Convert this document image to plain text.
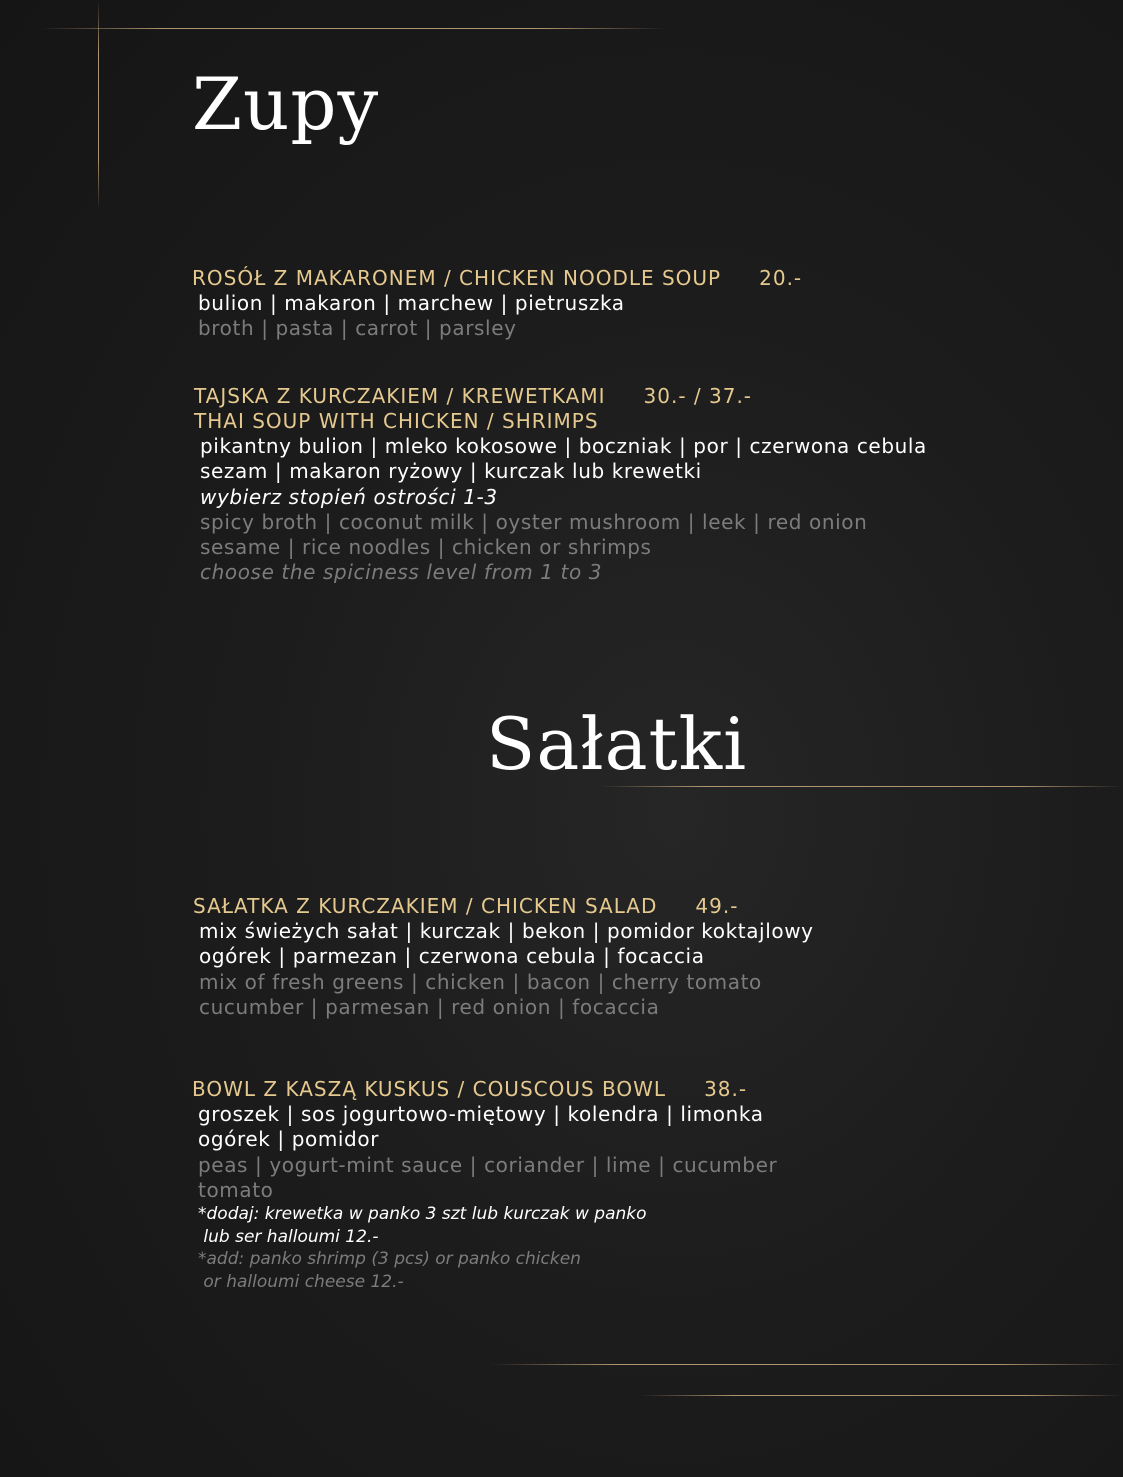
Zupy
ROSÓŁ Z MAKARONEM / CHICKEN NOODLE SOUP 20.-
bulion | makaron | marchew | pietruszka
broth | pasta | carrot | parsley
TAJSKA Z KURCZAKIEM / KREWETKAMI 30.- / 37.-
THAI SOUP WITH CHICKEN / SHRIMPS
pikantny bulion | mleko kokosowe | boczniak | por | czerwona cebula
sezam | makaron ryżowy | kurczak lub krewetki
wybierz stopień ostrości 1-3
spicy broth | coconut milk | oyster mushroom | leek | red onion
sesame | rice noodles | chicken or shrimps
choose the spiciness level from 1 to 3
Sałatki
SAŁATKA Z KURCZAKIEM / CHICKEN SALAD 49.-
mix świeżych sałat | kurczak | bekon | pomidor koktajlowy
ogórek | parmezan | czerwona cebula | focaccia
mix of fresh greens | chicken | bacon | cherry tomato
cucumber | parmesan | red onion | focaccia
BOWL Z KASZĄ KUSKUS / COUSCOUS BOWL 38.-
groszek | sos jogurtowo-miętowy | kolendra | limonka
ogórek | pomidor
peas | yogurt-mint sauce | coriander | lime | cucumber
tomato
*dodaj: krewetka w panko 3 szt lub kurczak w panko
lub ser halloumi 12.-
*add: panko shrimp (3 pcs) or panko chicken
or halloumi cheese 12.-
